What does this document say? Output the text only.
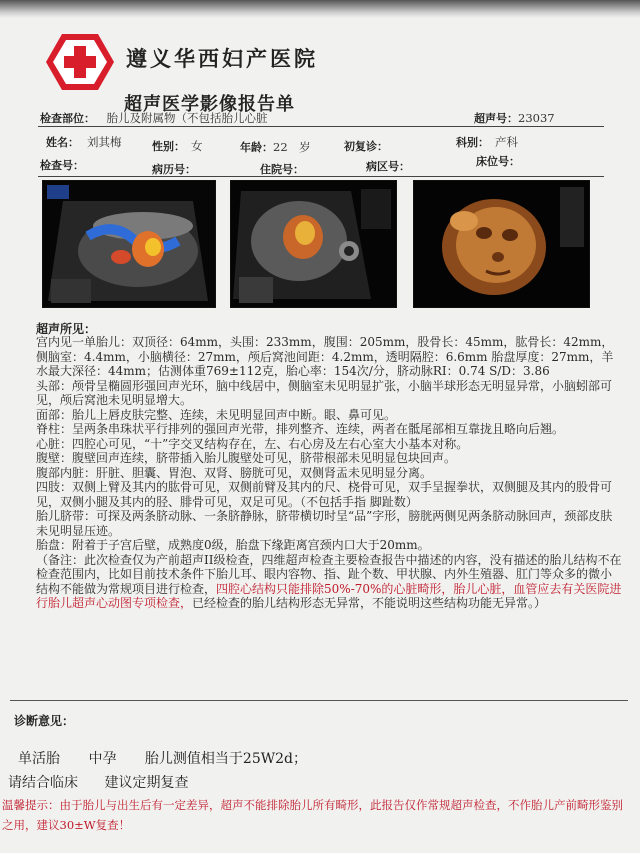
遵义华西妇产医院
超声医学影像报告单
检查部位： 胎儿及附属物（不包括胎儿心脏	超声号：23037
姓名： 刘其梅	性别： 女	年龄：22 岁	初复诊：	科别： 产科
检查号：	病历号：	住院号：	病区号：	床位号：
超声所见：

宫内见一单胎儿：双顶径：64mm，头围：233mm，腹围：205mm，股骨长：45mm，肱骨长：42mm，侧脑室：4.4mm，小脑横径：27mm，颅后窝池间距：4.2mm，透明隔腔：6.6mm 胎盘厚度：27mm，羊水最大深径：44mm；估测体重769±112克，胎心率：154次/分，脐动脉RI：0.74 S/D：3.86

头部：颅骨呈椭圆形强回声光环，脑中线居中，侧脑室未见明显扩张，小脑半球形态无明显异常，小脑蚓部可见，颅后窝池未见明显增大。

面部：胎儿上唇皮肤完整、连续，未见明显回声中断。眼、鼻可见。

脊柱：呈两条串珠状平行排列的强回声光带，排列整齐、连续，两者在骶尾部相互靠拢且略向后翘。

心脏：四腔心可见，“十”字交叉结构存在，左、右心房及左右心室大小基本对称。

腹壁：腹壁回声连续，脐带插入胎儿腹壁处可见，脐带根部未见明显包块回声。

腹部内脏：肝脏、胆囊、胃泡、双肾、膀胱可见，双侧肾盂未见明显分离。

四肢：双侧上臂及其内的肱骨可见，双侧前臂及其内的尺、桡骨可见，双手呈握拳状，双侧腿及其内的股骨可见，双侧小腿及其内的胫、腓骨可见，双足可见。（不包括手指 脚趾数）

胎儿脐带：可探及两条脐动脉、一条脐静脉，脐带横切时呈“品”字形，膀胱两侧见两条脐动脉回声，颈部皮肤未见明显压迹。

胎盘：附着于子宫后壁，成熟度0级，胎盘下缘距离宫颈内口大于20mm。

（备注：此次检查仅为产前超声II级检查，四维超声检查主要检查报告中描述的内容，没有描述的胎儿结构不在检查范围内，比如目前技术条件下胎儿耳、眼内容物、指、趾个数、甲状腺、内外生殖器、肛门等众多的微小结构不能做为常规项目进行检查，四腔心结构只能排除50%-70%的心脏畸形，胎儿心脏，血管应去有关医院进行胎儿超声心动图专项检查，已经检查的胎儿结构形态无异常，不能说明这些结构功能无异常。）

诊断意见：
单活胎 中孕 胎儿测值相当于25W2d；
请结合临床 建议定期复查
温馨提示：由于胎儿与出生后有一定差异，超声不能排除胎儿所有畸形，此报告仅作常规超声检查，不作胎儿产前畸形鉴别之用，建议30±W复查！
